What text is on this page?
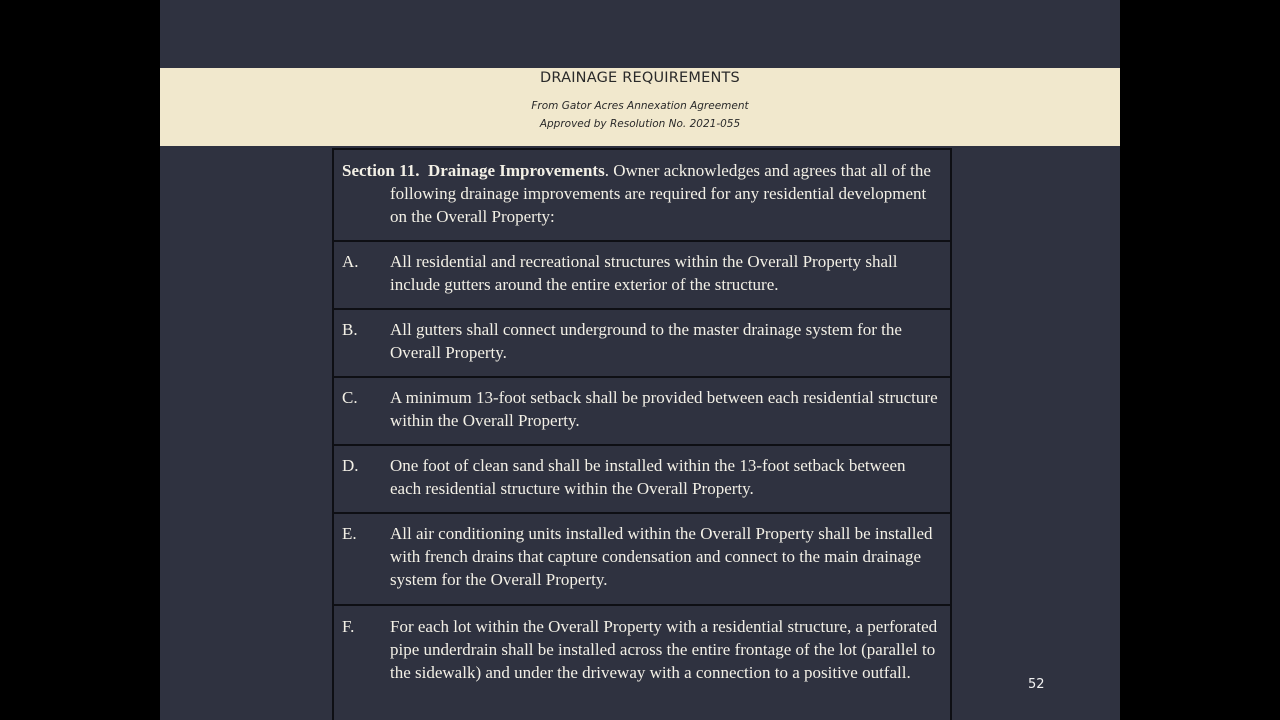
DRAINAGE REQUIREMENTS
From Gator Acres Annexation Agreement
Approved by Resolution No. 2021-055
Section 11. Drainage Improvements. Owner acknowledges and agrees that all of the following drainage improvements are required for any residential development on the Overall Property:
A. All residential and recreational structures within the Overall Property shall include gutters around the entire exterior of the structure.
B. All gutters shall connect underground to the master drainage system for the Overall Property.
C. A minimum 13-foot setback shall be provided between each residential structure within the Overall Property.
D. One foot of clean sand shall be installed within the 13-foot setback between each residential structure within the Overall Property.
E. All air conditioning units installed within the Overall Property shall be installed with french drains that capture condensation and connect to the main drainage system for the Overall Property.
F. For each lot within the Overall Property with a residential structure, a perforated pipe underdrain shall be installed across the entire frontage of the lot (parallel to the sidewalk) and under the driveway with a connection to a positive outfall.
52
